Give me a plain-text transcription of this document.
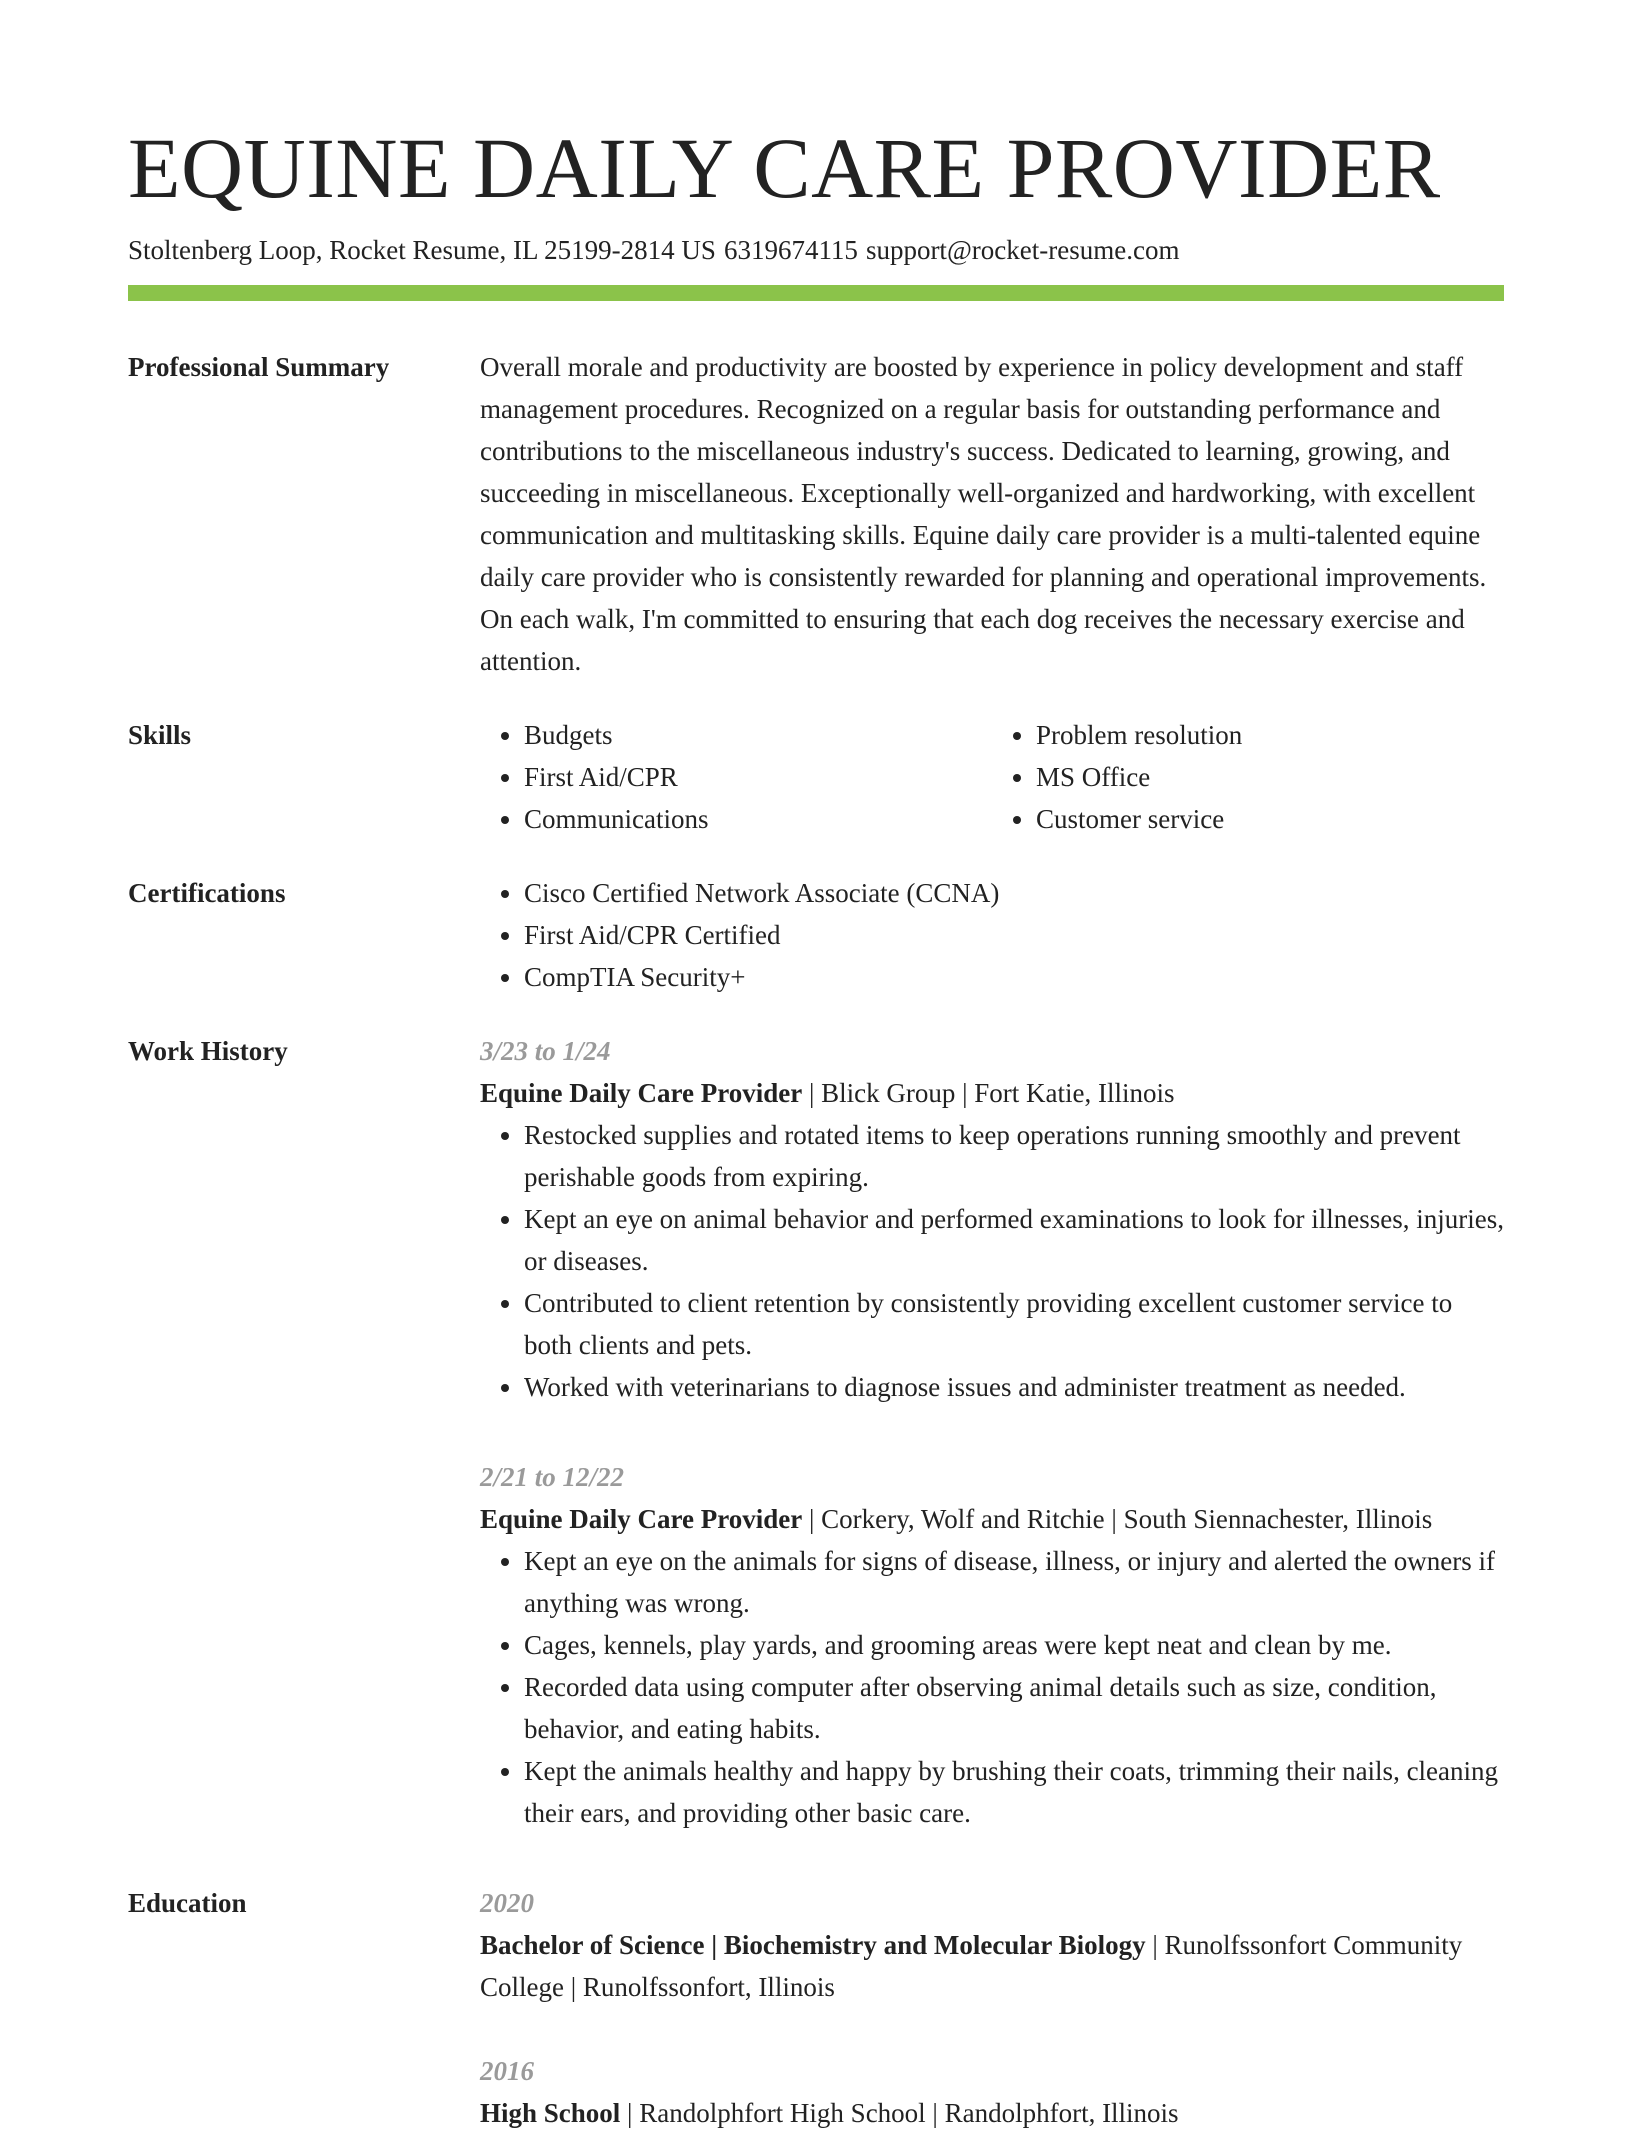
EQUINE DAILY CARE PROVIDER
Stoltenberg Loop, Rocket Resume, IL 25199-2814 US 6319674115 support@rocket-resume.com
Professional Summary	Overall morale and productivity are boosted by experience in policy development and staff management procedures. Recognized on a regular basis for outstanding performance and contributions to the miscellaneous industry's success. Dedicated to learning, growing, and succeeding in miscellaneous. Exceptionally well-organized and hardworking, with excellent communication and multitasking skills. Equine daily care provider is a multi-talented equine daily care provider who is consistently rewarded for planning and operational improvements. On each walk, I'm committed to ensuring that each dog receives the necessary exercise and attention.

Skills	• Budgets
• First Aid/CPR
• Communications
• Problem resolution
• MS Office
• Customer service
Certifications	• Cisco Certified Network Associate (CCNA)
• First Aid/CPR Certified
• CompTIA Security+
Work History	3/23 to 1/24
Equine Daily Care Provider | Blick Group | Fort Katie, Illinois
• Restocked supplies and rotated items to keep operations running smoothly and prevent perishable goods from expiring.
• Kept an eye on animal behavior and performed examinations to look for illnesses, injuries, or diseases.
• Contributed to client retention by consistently providing excellent customer service to both clients and pets.
• Worked with veterinarians to diagnose issues and administer treatment as needed.
2/21 to 12/22
Equine Daily Care Provider | Corkery, Wolf and Ritchie | South Siennachester, Illinois
• Kept an eye on the animals for signs of disease, illness, or injury and alerted the owners if anything was wrong.
• Cages, kennels, play yards, and grooming areas were kept neat and clean by me.
• Recorded data using computer after observing animal details such as size, condition, behavior, and eating habits.
• Kept the animals healthy and happy by brushing their coats, trimming their nails, cleaning their ears, and providing other basic care.
Education	2020
Bachelor of Science | Biochemistry and Molecular Biology | Runolfssonfort Community College | Runolfssonfort, Illinois
2016
High School | Randolphfort High School | Randolphfort, Illinois
